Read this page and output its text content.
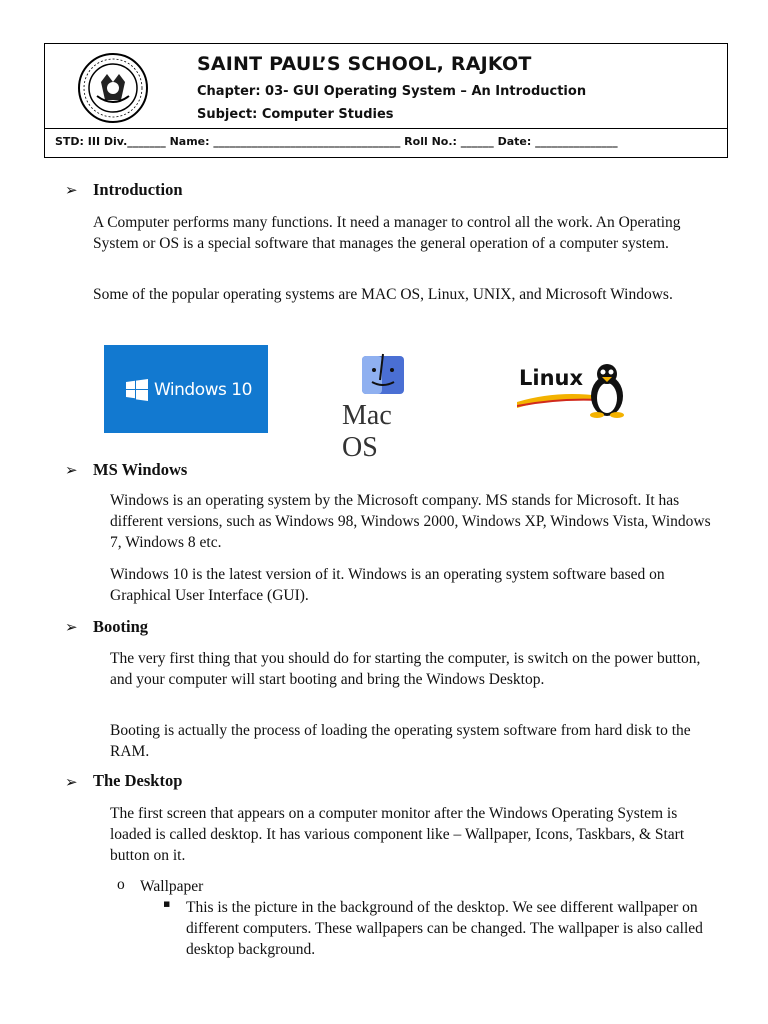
SAINT PAUL’S SCHOOL, RAJKOT
Chapter: 03- GUI Operating System – An Introduction
Subject: Computer Studies
STD: III Div._______ Name: __________________________________ Roll No.: ______ Date: _______________
➢ Introduction
A Computer performs many functions. It need a manager to control all the work. An Operating System or OS is a special software that manages the general operation of a computer system.
Some of the popular operating systems are MAC OS, Linux, UNIX, and Microsoft Windows.
Windows 10
Mac OS
Linux
➢ MS Windows
Windows is an operating system by the Microsoft company. MS stands for Microsoft. It has different versions, such as Windows 98, Windows 2000, Windows XP, Windows Vista, Windows 7, Windows 8 etc.
Windows 10 is the latest version of it. Windows is an operating system software based on Graphical User Interface (GUI).
➢ Booting
The very first thing that you should do for starting the computer, is switch on the power button, and your computer will start booting and bring the Windows Desktop.
Booting is actually the process of loading the operating system software from hard disk to the RAM.
➢ The Desktop
The first screen that appears on a computer monitor after the Windows Operating System is loaded is called desktop. It has various component like – Wallpaper, Icons, Taskbars, & Start button on it.
o Wallpaper
▪ This is the picture in the background of the desktop. We see different wallpaper on different computers. These wallpapers can be changed. The wallpaper is also called desktop background.
